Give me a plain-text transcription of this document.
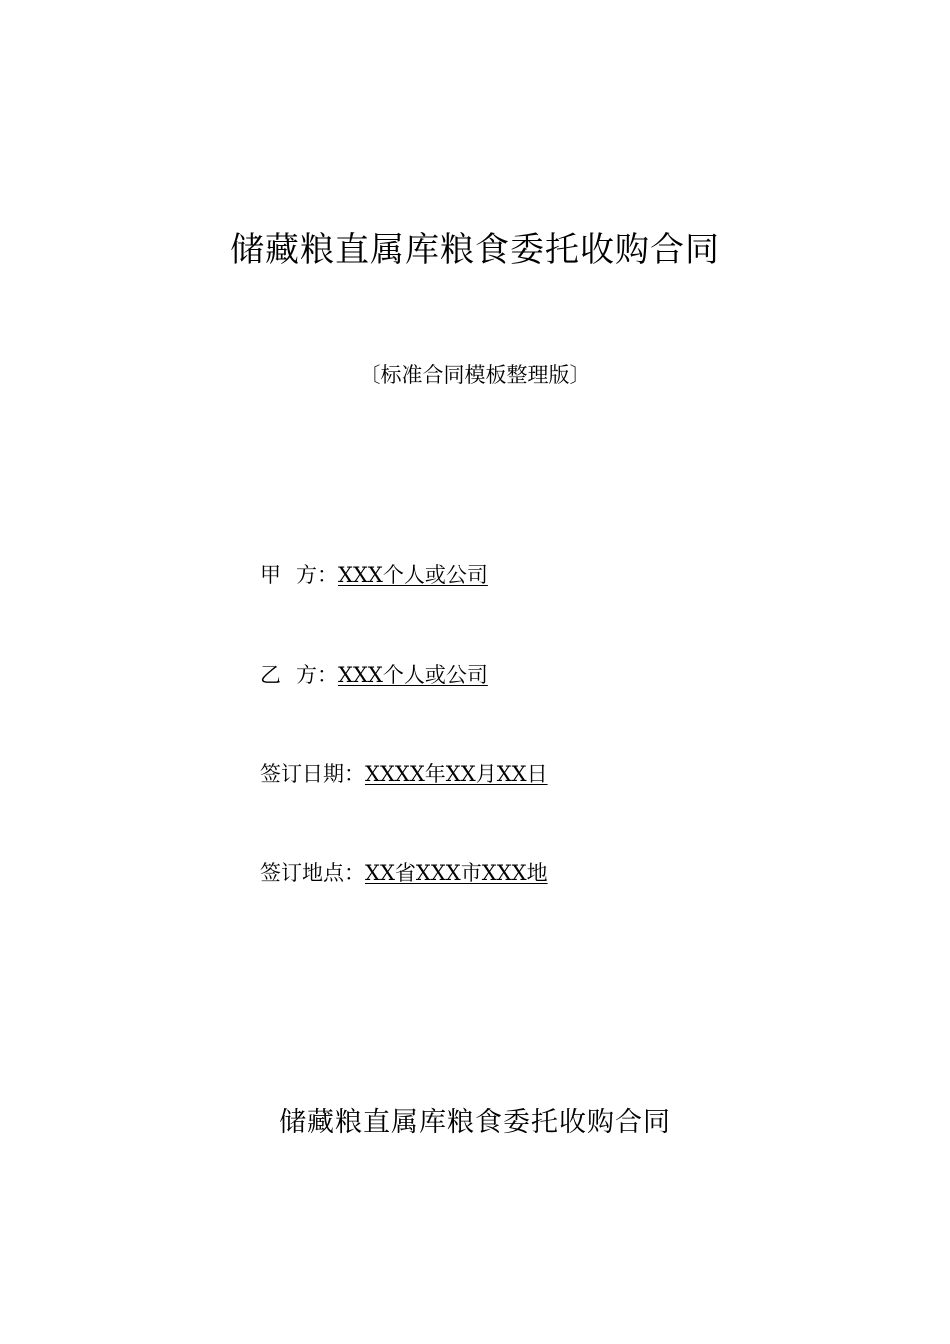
储藏粮直属库粮食委托收购合同
〔标准合同模板整理版〕
甲 方： XXX个人或公司
乙 方： XXX个人或公司
签订日期：XXXX年XX月XX日
签订地点：XX省XXX市XXX地
储藏粮直属库粮食委托收购合同
